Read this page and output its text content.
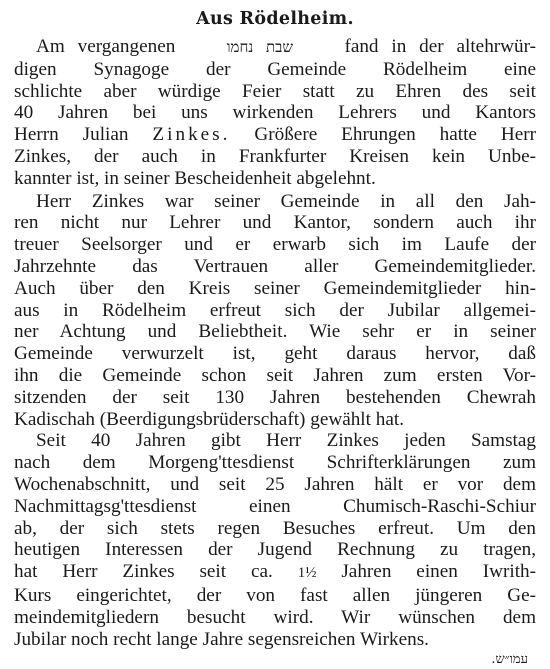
Aus Rödelheim.

Am vergangenen	שבת נחמו	fand in der altehrwür-
digen Synagoge der Gemeinde Rödelheim eine
schlichte aber würdige Feier statt zu Ehren des seit
40 Jahren bei uns wirkenden Lehrers und Kantors
Herrn Julian Zinkes. Größere Ehrungen hatte Herr
Zinkes, der auch in Frankfurter Kreisen kein Unbe-
kannter ist, in seiner Bescheidenheit abgelehnt.

Herr Zinkes war seiner Gemeinde in all den Jah-
ren nicht nur Lehrer und Kantor, sondern auch ihr
treuer Seelsorger und er erwarb sich im Laufe der
Jahrzehnte das Vertrauen aller Gemeindemitglieder.
Auch über den Kreis seiner Gemeindemitglieder hin-
aus in Rödelheim erfreut sich der Jubilar allgemei-
ner Achtung und Beliebtheit. Wie sehr er in seiner
Gemeinde verwurzelt ist, geht daraus hervor, daß
ihn die Gemeinde schon seit Jahren zum ersten Vor-
sitzenden der seit 130 Jahren bestehenden Chewrah
Kadischah (Beerdigungsbrüderschaft) gewählt hat.

Seit 40 Jahren gibt Herr Zinkes jeden Samstag
nach dem Morgeng'ttesdienst Schrifterklärungen zum
Wochenabschnitt, und seit 25 Jahren hält er vor dem
Nachmittagsg'ttesdienst einen Chumisch-Raschi-Schiur
ab, der sich stets regen Besuches erfreut. Um den
heutigen Interessen der Jugend Rechnung zu tragen,
hat Herr Zinkes seit ca. 1½ Jahren einen Iwrith-
Kurs eingerichtet, der von fast allen jüngeren Ge-
meindemitgliedern besucht wird. Wir wünschen dem
Jubilar noch recht lange Jahre segensreichen Wirkens.

עמו״ש.
